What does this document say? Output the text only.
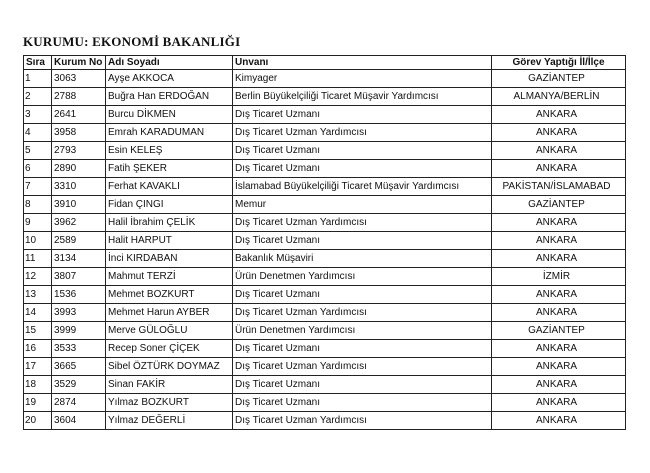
KURUMU: EKONOMİ BAKANLIĞI
Sıra	Kurum No	Adı Soyadı	Unvanı	Görev Yaptığı İl/İlçe
1	3063	Ayşe AKKOCA	Kimyager	GAZİANTEP
2	2788	Buğra Han ERDOĞAN	Berlin Büyükelçiliği Ticaret Müşavir Yardımcısı	ALMANYA/BERLİN
3	2641	Burcu DİKMEN	Dış Ticaret Uzmanı	ANKARA
4	3958	Emrah KARADUMAN	Dış Ticaret Uzman Yardımcısı	ANKARA
5	2793	Esin KELEŞ	Dış Ticaret Uzmanı	ANKARA
6	2890	Fatih ŞEKER	Dış Ticaret Uzmanı	ANKARA
7	3310	Ferhat KAVAKLI	İslamabad Büyükelçiliği Ticaret Müşavir Yardımcısı	PAKİSTAN/İSLAMABAD
8	3910	Fidan ÇINGI	Memur	GAZİANTEP
9	3962	Halil İbrahim ÇELİK	Dış Ticaret Uzman Yardımcısı	ANKARA
10	2589	Halit HARPUT	Dış Ticaret Uzmanı	ANKARA
11	3134	İnci KIRDABAN	Bakanlık Müşaviri	ANKARA
12	3807	Mahmut TERZİ	Ürün Denetmen Yardımcısı	İZMİR
13	1536	Mehmet BOZKURT	Dış Ticaret Uzmanı	ANKARA
14	3993	Mehmet Harun AYBER	Dış Ticaret Uzman Yardımcısı	ANKARA
15	3999	Merve GÜLOĞLU	Ürün Denetmen Yardımcısı	GAZİANTEP
16	3533	Recep Soner ÇİÇEK	Dış Ticaret Uzmanı	ANKARA
17	3665	Sibel ÖZTÜRK DOYMAZ	Dış Ticaret Uzman Yardımcısı	ANKARA
18	3529	Sinan FAKİR	Dış Ticaret Uzmanı	ANKARA
19	2874	Yılmaz BOZKURT	Dış Ticaret Uzmanı	ANKARA
20	3604	Yılmaz DEĞERLİ	Dış Ticaret Uzman Yardımcısı	ANKARA
